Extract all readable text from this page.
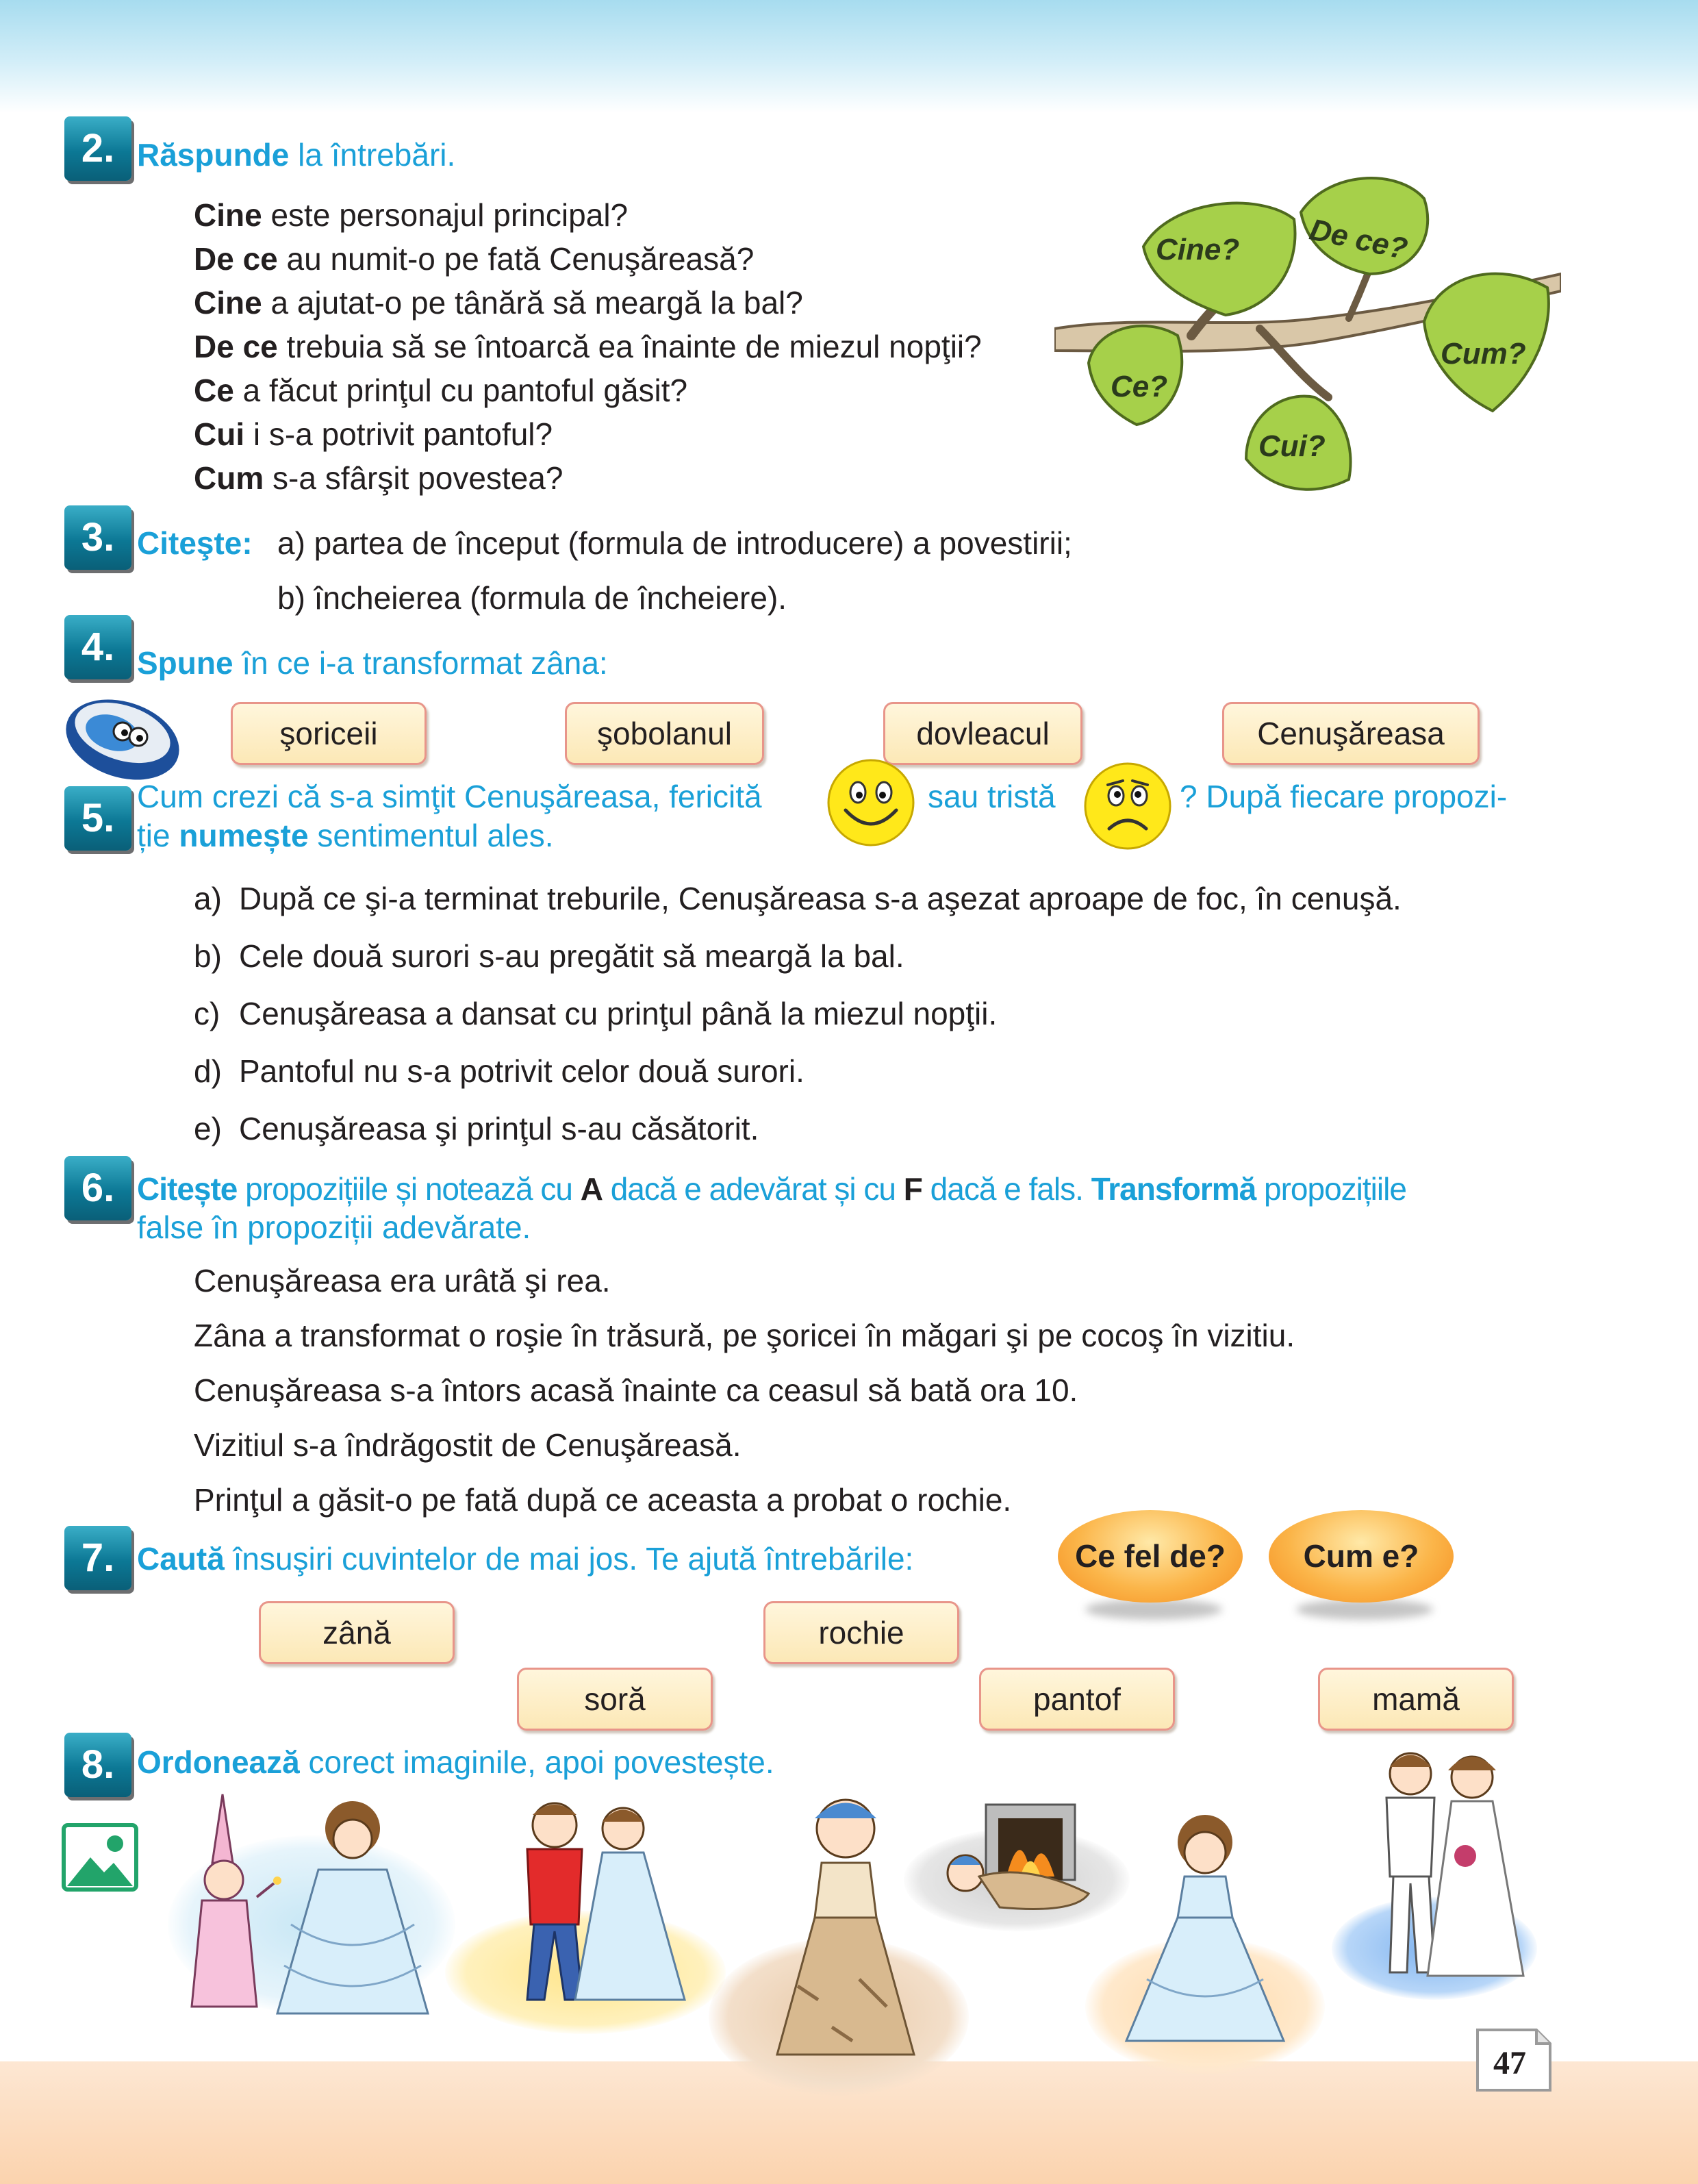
2. Răspunde la întrebări.
Cine este personajul principal?
De ce au numit-o pe fată Cenuşăreasă?
Cine a ajutat-o pe tânără să meargă la bal?
De ce trebuia să se întoarcă ea înainte de miezul nopţii?
Ce a făcut prinţul cu pantoful găsit?
Cui i s-a potrivit pantoful?
Cum s-a sfârşit povestea?
Cine? De ce?
Cum?
Ce?
Cui?
3. Citeşte: a) partea de început (formula de introducere) a povestirii;
b) încheierea (formula de încheiere).
4. Spune în ce i-a transformat zâna:
şoriceii	şobolanul	dovleacul	Cenuşăreasa
5. Cum crezi că s-a simţit Cenuşăreasa, fericită	sau tristă	? După fiecare propozi-
ție numește sentimentul ales.
a) După ce şi-a terminat treburile, Cenuşăreasa s-a aşezat aproape de foc, în cenuşă.
b) Cele două surori s-au pregătit să meargă la bal.
c) Cenuşăreasa a dansat cu prinţul până la miezul nopţii.
d) Pantoful nu s-a potrivit celor două surori.
e) Cenuşăreasa şi prinţul s-au căsătorit.
6. Citește propozițiile și notează cu A dacă e adevărat și cu F dacă e fals. Transformă propozițiile
false în propoziții adevărate.
Cenuşăreasa era urâtă şi rea.
Zâna a transformat o roşie în trăsură, pe şoricei în măgari şi pe cocoş în vizitiu.
Cenuşăreasa s-a întors acasă înainte ca ceasul să bată ora 10.
Vizitiul s-a îndrăgostit de Cenuşăreasă.
Prinţul a găsit-o pe fată după ce aceasta a probat o rochie.
7. Caută însuşiri cuvintelor de mai jos. Te ajută întrebările:	Ce fel de?	Cum e?
zână	rochie
soră	pantof	mamă
8. Ordonează corect imaginile, apoi povestește.
47
